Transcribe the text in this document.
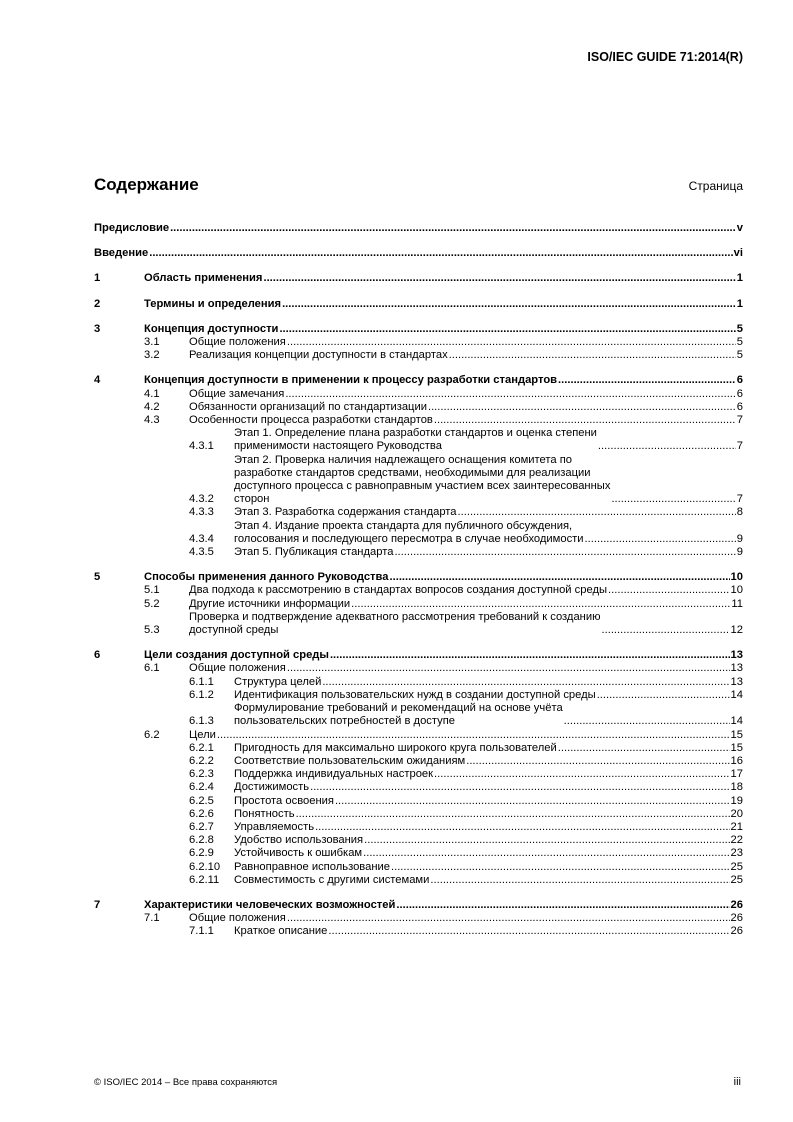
ISO/IEC GUIDE 71:2014(R)
Содержание	Страница
Предисловие .....	v
Введение .....	vi
1	Область применения .....	1
2	Термины и определения .....	1
3	Концепция доступности .....	5
3.1	Общие положения .....	5
3.2	Реализация концепции доступности в стандартах .....	5
4	Концепция доступности в применении к процессу разработки стандартов .....	6
4.1	Общие замечания .....	6
4.2	Обязанности организаций по стандартизации .....	6
4.3	Особенности процесса разработки стандартов .....	7
4.3.1
Этап 1. Определение плана разработки стандартов и оценка степени
применимости настоящего Руководства .....	7
4.3.2
Этап 2. Проверка наличия надлежащего оснащения комитета по
разработке стандартов средствами, необходимыми для реализации
доступного процесса с равноправным участием всех заинтересованных
сторон .....	7
4.3.3	Этап 3. Разработка содержания стандарта .....	8
4.3.4
Этап 4. Издание проекта стандарта для публичного обсуждения,
голосования и последующего пересмотра в случае необходимости .....	9
4.3.5	Этап 5. Публикация стандарта .....	9
5	Способы применения данного Руководства .....	10
5.1	Два подхода к рассмотрению в стандартах вопросов создания доступной среды .....	10
5.2	Другие источники информации .....	11
5.3
Проверка и подтверждение адекватного рассмотрения требований к созданию
доступной среды .....	12
6	Цели создания доступной среды .....	13
6.1	Общие положения .....	13
6.1.1	Структура целей .....	13
6.1.2	Идентификация пользовательских нужд в создании доступной среды .....	14
6.1.3
Формулирование требований и рекомендаций на основе учёта
пользовательских потребностей в доступе .....	14
6.2	Цели .....	15
6.2.1	Пригодность для максимально широкого круга пользователей .....	15
6.2.2	Соответствие пользовательским ожиданиям .....	16
6.2.3	Поддержка индивидуальных настроек .....	17
6.2.4	Достижимость .....	18
6.2.5	Простота освоения .....	19
6.2.6	Понятность .....	20
6.2.7	Управляемость .....	21
6.2.8	Удобство использования .....	22
6.2.9	Устойчивость к ошибкам .....	23
6.2.10	Равноправное использование .....	25
6.2.11	Совместимость с другими системами .....	25
7	Характеристики человеческих возможностей .....	26
7.1	Общие положения .....	26
7.1.1	Краткое описание .....	26
© ISO/IEC 2014 – Все права сохраняются	iii
